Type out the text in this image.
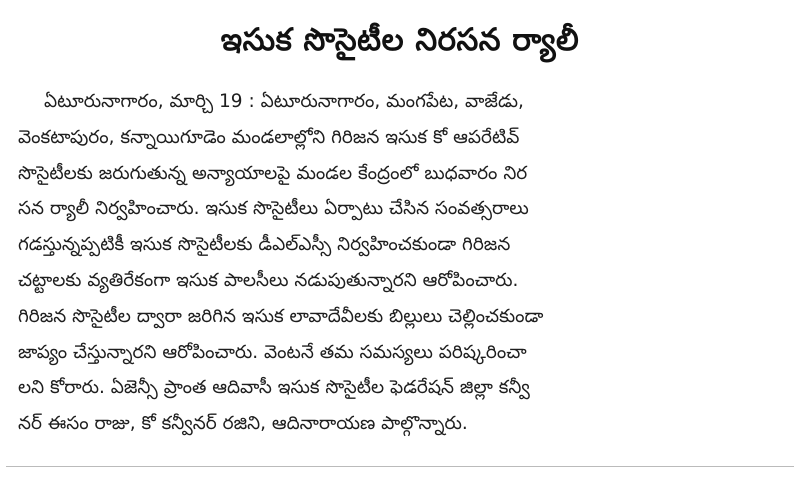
ఇసుక సొసైటీల నిరసన ర్యాలీ
ఏటూరునాగారం, మార్చి 19 : ఏటూరునాగారం, మంగపేట, వాజేడు,
వెంకటాపురం, కన్నాయిగూడెం మండలాల్లోని గిరిజన ఇసుక కో ఆపరేటివ్
సొసైటీలకు జరుగుతున్న అన్యాయాలపై మండల కేంద్రంలో బుధవారం నిర
సన ర్యాలీ నిర్వహించారు. ఇసుక సొసైటీలు ఏర్పాటు చేసిన సంవత్సరాలు
గడస్తున్నప్పటికీ ఇసుక సొసైటీలకు డీఎల్ఎస్సీ నిర్వహించకుండా గిరిజన
చట్టాలకు వ్యతిరేకంగా ఇసుక పాలసీలు నడుపుతున్నారని ఆరోపించారు.
గిరిజన సొసైటీల ద్వారా జరిగిన ఇసుక లావాదేవీలకు బిల్లులు చెల్లించకుండా
జాప్యం చేస్తున్నారని ఆరోపించారు. వెంటనే తమ సమస్యలు పరిష్కరించా
లని కోరారు. ఏజెన్సీ ప్రాంత ఆదివాసీ ఇసుక సొసైటీల ఫెడరేషన్ జిల్లా కన్వీ
నర్ ఈసం రాజు, కో కన్వీనర్ రజిని, ఆదినారాయణ పాల్గొన్నారు.
